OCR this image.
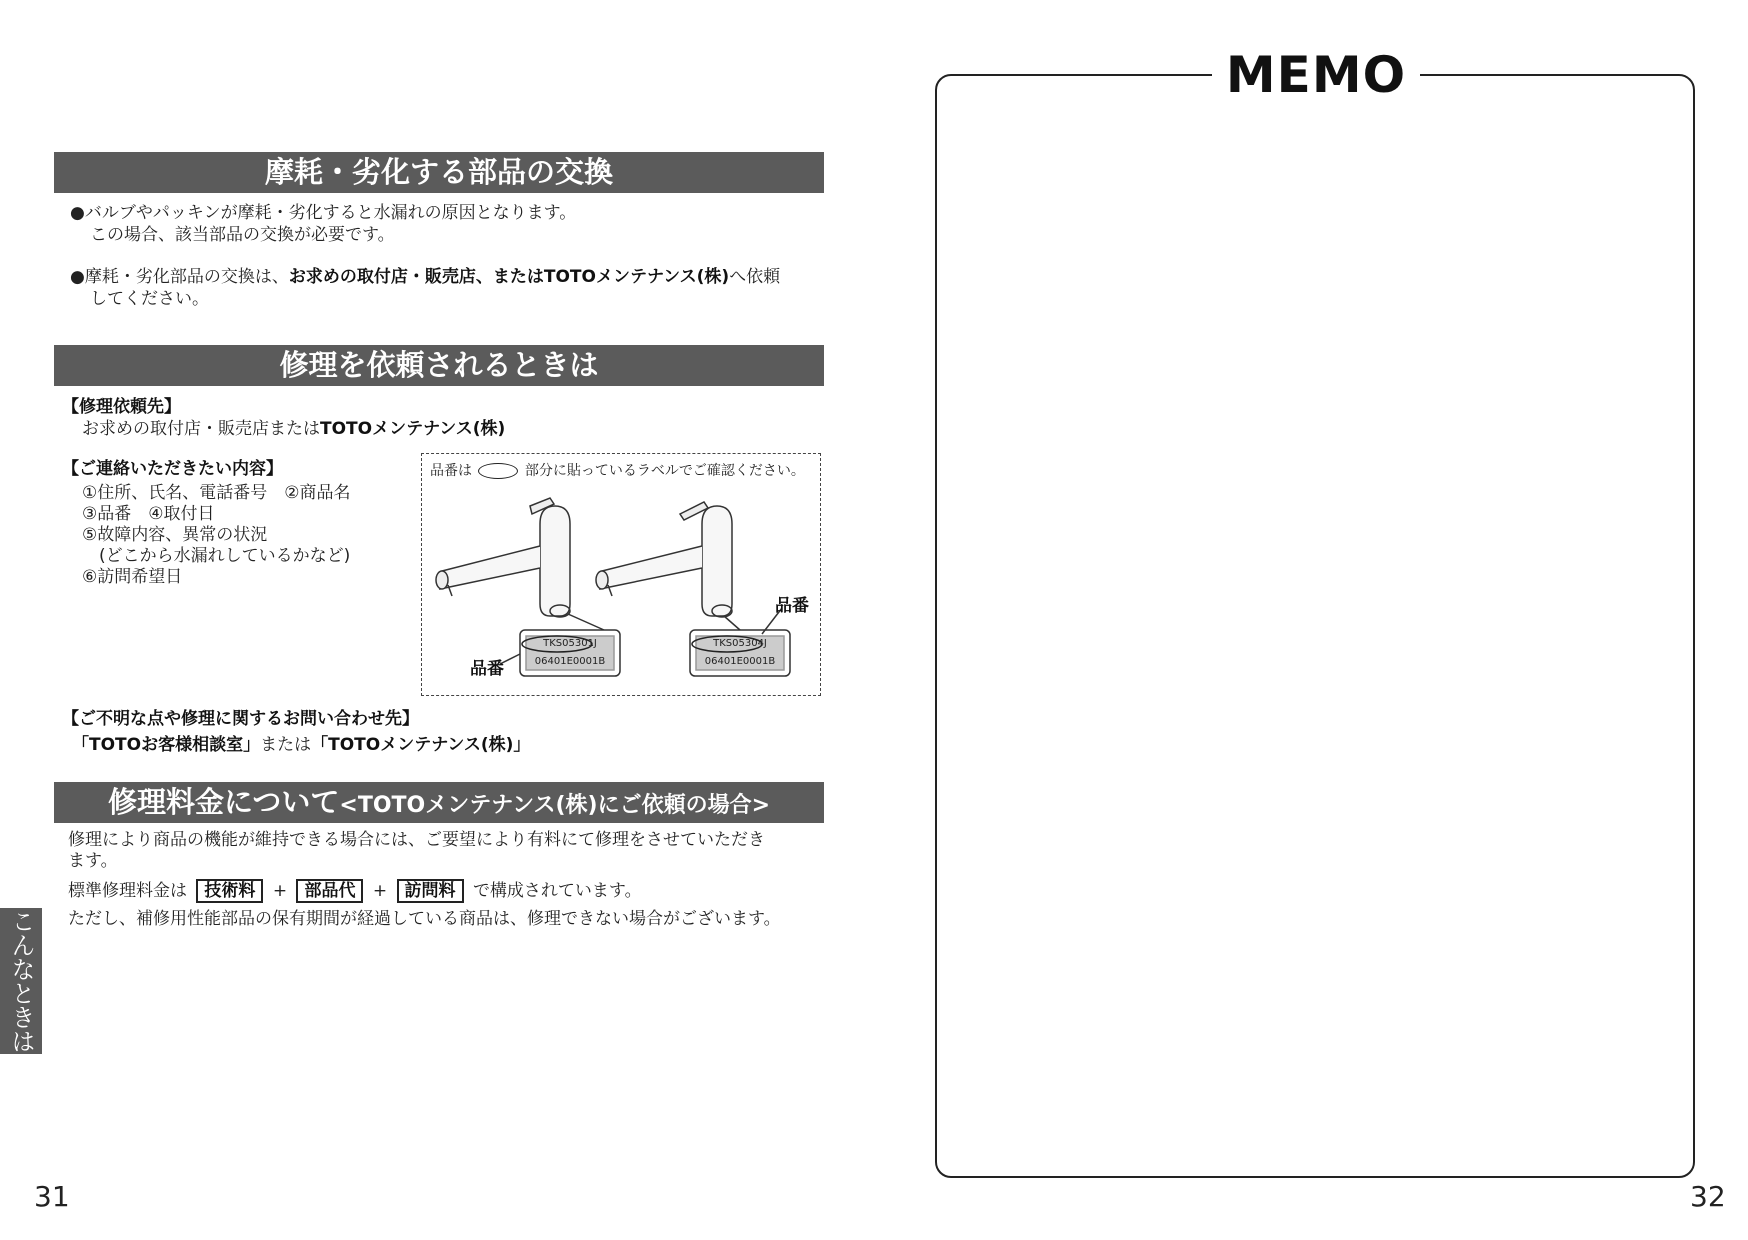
摩耗・劣化する部品の交換
●バルブやパッキンが摩耗・劣化すると水漏れの原因となります。
この場合、該当部品の交換が必要です。
●摩耗・劣化部品の交換は、お求めの取付店・販売店、またはTOTOメンテナンス(株)へ依頼
してください。
修理を依頼されるときは
【修理依頼先】
お求めの取付店・販売店またはTOTOメンテナンス(株)
【ご連絡いただきたい内容】
①住所、氏名、電話番号　②商品名
③品番　④取付日
⑤故障内容、異常の状況
　(どこから水漏れしているかなど)
⑥訪問希望日
品番は	部分に貼っているラベルでご確認ください。
TKS05301J
06401E0001B
TKS05304J
06401E0001B
品番
品番
【ご不明な点や修理に関するお問い合わせ先】
「TOTOお客様相談室」または「TOTOメンテナンス(株)」
修理料金について<TOTOメンテナンス(株)にご依頼の場合>
修理により商品の機能が維持できる場合には、ご要望により有料にて修理をさせていただき
ます。
標準修理料金は 技術料 + 部品代 + 訪問料 で構成されています。
ただし、補修用性能部品の保有期間が経過している商品は、修理できない場合がございます。
こんなときは
31
MEMO
32
